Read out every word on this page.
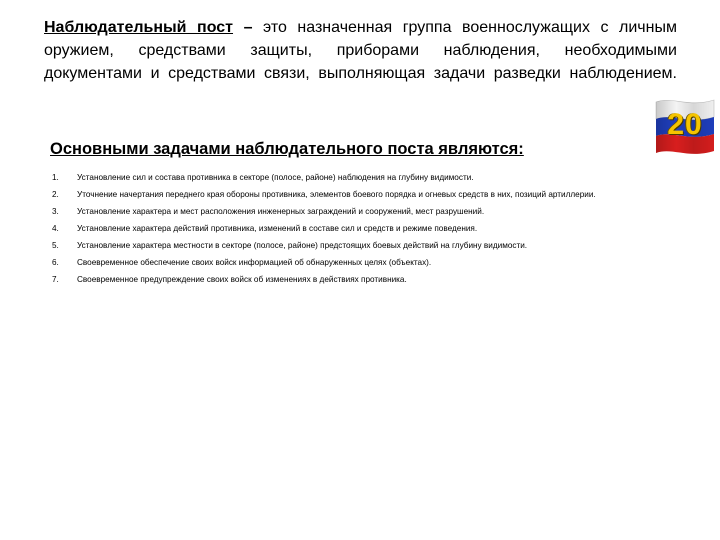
Наблюдательный пост – это назначенная группа военнослужащих с личным оружием, средствами защиты, приборами наблюдения, необходимыми документами и средствами связи, выполняющая задачи разведки наблюдением.

20
Основными задачами наблюдательного поста являются:
1.	Установление сил и состава противника в секторе (полосе, районе) наблюдения на глубину видимости.
2.	Уточнение начертания переднего края обороны противника, элементов боевого порядка и огневых средств в них, позиций артиллерии.
3.	Установление характера и мест расположения инженерных заграждений и сооружений, мест разрушений.
4.	Установление характера действий противника, изменений в составе сил и средств и режиме поведения.
5.	Установление характера местности в секторе (полосе, районе) предстоящих боевых действий на глубину видимости.
6.	Своевременное обеспечение своих войск информацией об обнаруженных целях (объектах).
7.	Своевременное предупреждение своих войск об изменениях в действиях противника.
